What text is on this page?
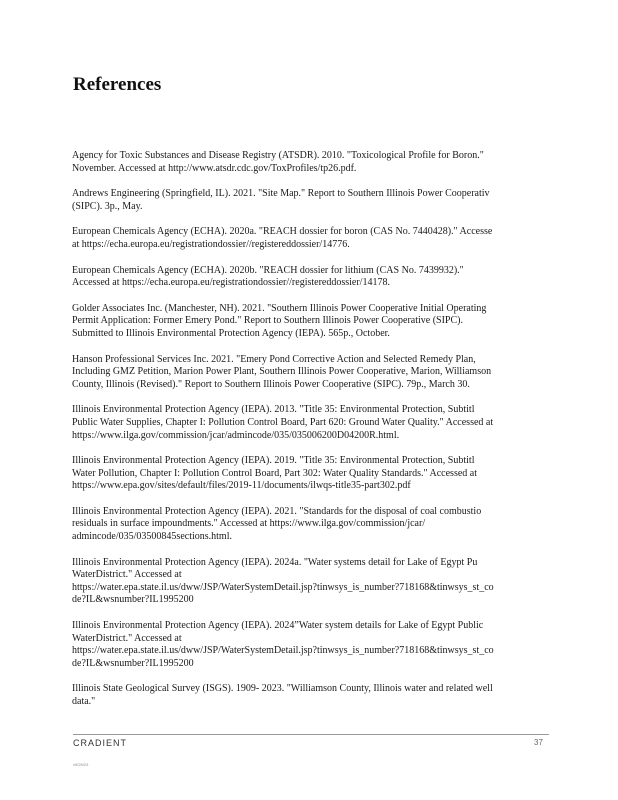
References
Agency for Toxic Substances and Disease Registry (ATSDR). 2010. "Toxicological Profile for Boron."
November. Accessed at http://www.atsdr.cdc.gov/ToxProfiles/tp26.pdf.
Andrews Engineering (Springfield, IL). 2021. "Site Map." Report to Southern Illinois Power Cooperativ
(SIPC). 3p., May.
European Chemicals Agency (ECHA). 2020a. "REACH dossier for boron (CAS No. 7440428)." Accesse
at https://echa.europa.eu/registrationdossier//registereddossier/14776.
European Chemicals Agency (ECHA). 2020b. "REACH dossier for lithium (CAS No. 7439932)."
Accessed at https://echa.europa.eu/registrationdossier//registereddossier/14178.
Golder Associates Inc. (Manchester, NH). 2021. "Southern Illinois Power Cooperative Initial Operating
Permit Application: Former Emery Pond." Report to Southern Illinois Power Cooperative (SIPC).
Submitted to Illinois Environmental Protection Agency (IEPA). 565p., October.
Hanson Professional Services Inc. 2021. "Emery Pond Corrective Action and Selected Remedy Plan,
Including GMZ Petition, Marion Power Plant, Southern Illinois Power Cooperative, Marion, Williamson
County, Illinois (Revised)." Report to Southern Illinois Power Cooperative (SIPC). 79p., March 30.
Illinois Environmental Protection Agency (IEPA). 2013. "Title 35: Environmental Protection, Subtitl
Public Water Supplies, Chapter I: Pollution Control Board, Part 620: Ground Water Quality." Accessed at
https://www.ilga.gov/commission/jcar/admincode/035/035006200D04200R.html.
Illinois Environmental Protection Agency (IEPA). 2019. "Title 35: Environmental Protection, Subtitl
Water Pollution, Chapter I: Pollution Control Board, Part 302: Water Quality Standards." Accessed at
https://www.epa.gov/sites/default/files/2019-11/documents/ilwqs-title35-part302.pdf
Illinois Environmental Protection Agency (IEPA). 2021. "Standards for the disposal of coal combustio
residuals in surface impoundments." Accessed at https://www.ilga.gov/commission/jcar/
admincode/035/03500845sections.html.
Illinois Environmental Protection Agency (IEPA). 2024a. "Water systems detail for Lake of Egypt Pu
WaterDistrict." Accessed at
https://water.epa.state.il.us/dww/JSP/WaterSystemDetail.jsp?tinwsys_is_number?718168&tinwsys_st_co
de?IL&wsnumber?IL1995200
Illinois Environmental Protection Agency (IEPA). 2024”Water system details for Lake of Egypt Public
WaterDistrict." Accessed at
https://water.epa.state.il.us/dww/JSP/WaterSystemDetail.jsp?tinwsys_is_number?718168&tinwsys_st_co
de?IL&wsnumber?IL1995200
Illinois State Geological Survey (ISGS). 1909- 2023. "Williamson County, Illinois water and related well
data."
CRADIENT	37
v9/29/23
